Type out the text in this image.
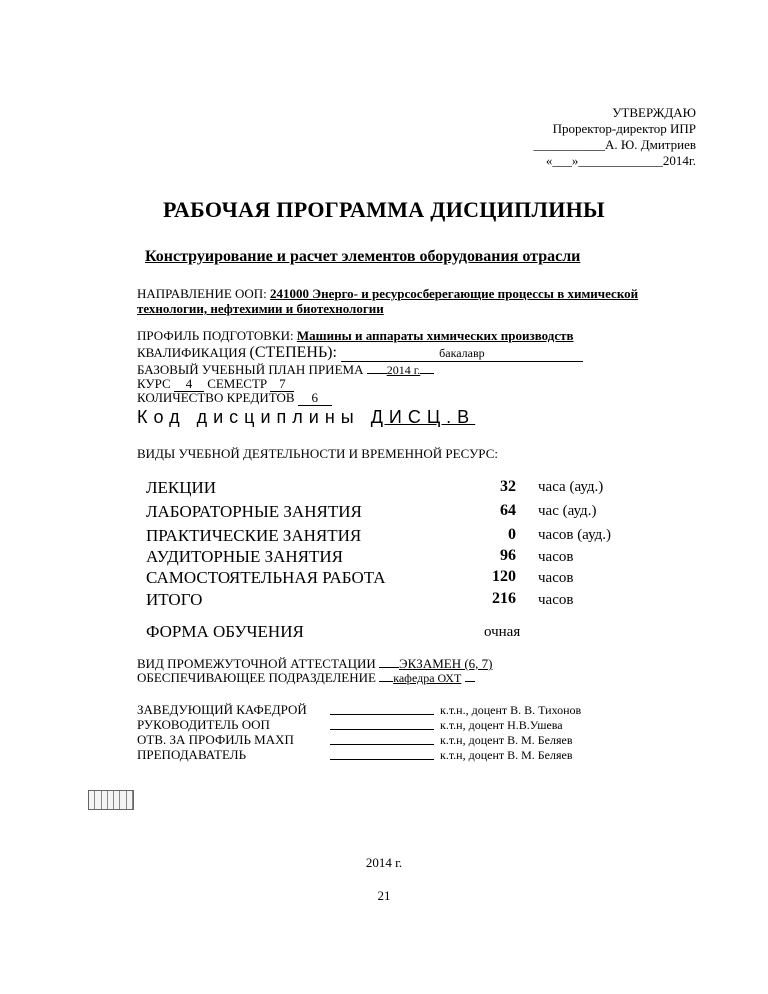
УТВЕРЖДАЮ
Проректор-директор ИПР
___________А. Ю. Дмитриев
«___»_____________2014г.
РАБОЧАЯ ПРОГРАММА ДИСЦИПЛИНЫ
Конструирование и расчет элементов оборудования отрасли
НАПРАВЛЕНИЕ ООП: 241000 Энерго- и ресурсосберегающие процессы в химической технологии, нефтехимии и биотехнологии
ПРОФИЛЬ ПОДГОТОВКИ: Машины и аппараты химических производств
КВАЛИФИКАЦИЯ (СТЕПЕНЬ):	бакалавр
БАЗОВЫЙ УЧЕБНЫЙ ПЛАН ПРИЕМА 2014 г.
КУРС 4 СЕМЕСТР 7
КОЛИЧЕСТВО КРЕДИТОВ 6
Код дисциплины ДИСЦ.В
ВИДЫ УЧЕБНОЙ ДЕЯТЕЛЬНОСТИ И ВРЕМЕННОЙ РЕСУРС:
ЛЕКЦИИ	32 часа (ауд.)
ЛАБОРАТОРНЫЕ ЗАНЯТИЯ	64 час (ауд.)
ПРАКТИЧЕСКИЕ ЗАНЯТИЯ	0 часов (ауд.)
АУДИТОРНЫЕ ЗАНЯТИЯ	96 часов
САМОСТОЯТЕЛЬНАЯ РАБОТА	120 часов
ИТОГО	216 часов
ФОРМА ОБУЧЕНИЯ	очная
ВИД ПРОМЕЖУТОЧНОЙ АТТЕСТАЦИИ ЭКЗАМЕН (6, 7)
ОБЕСПЕЧИВАЮЩЕЕ ПОДРАЗДЕЛЕНИЕ кафедра ОХТ
ЗАВЕДУЮЩИЙ КАФЕДРОЙ	к.т.н., доцент В. В. Тихонов
РУКОВОДИТЕЛЬ ООП	к.т.н, доцент Н.В.Ушева
ОТВ. ЗА ПРОФИЛЬ МАХП	к.т.н, доцент В. М. Беляев
ПРЕПОДАВАТЕЛЬ	к.т.н, доцент В. М. Беляев
2014 г.
21
